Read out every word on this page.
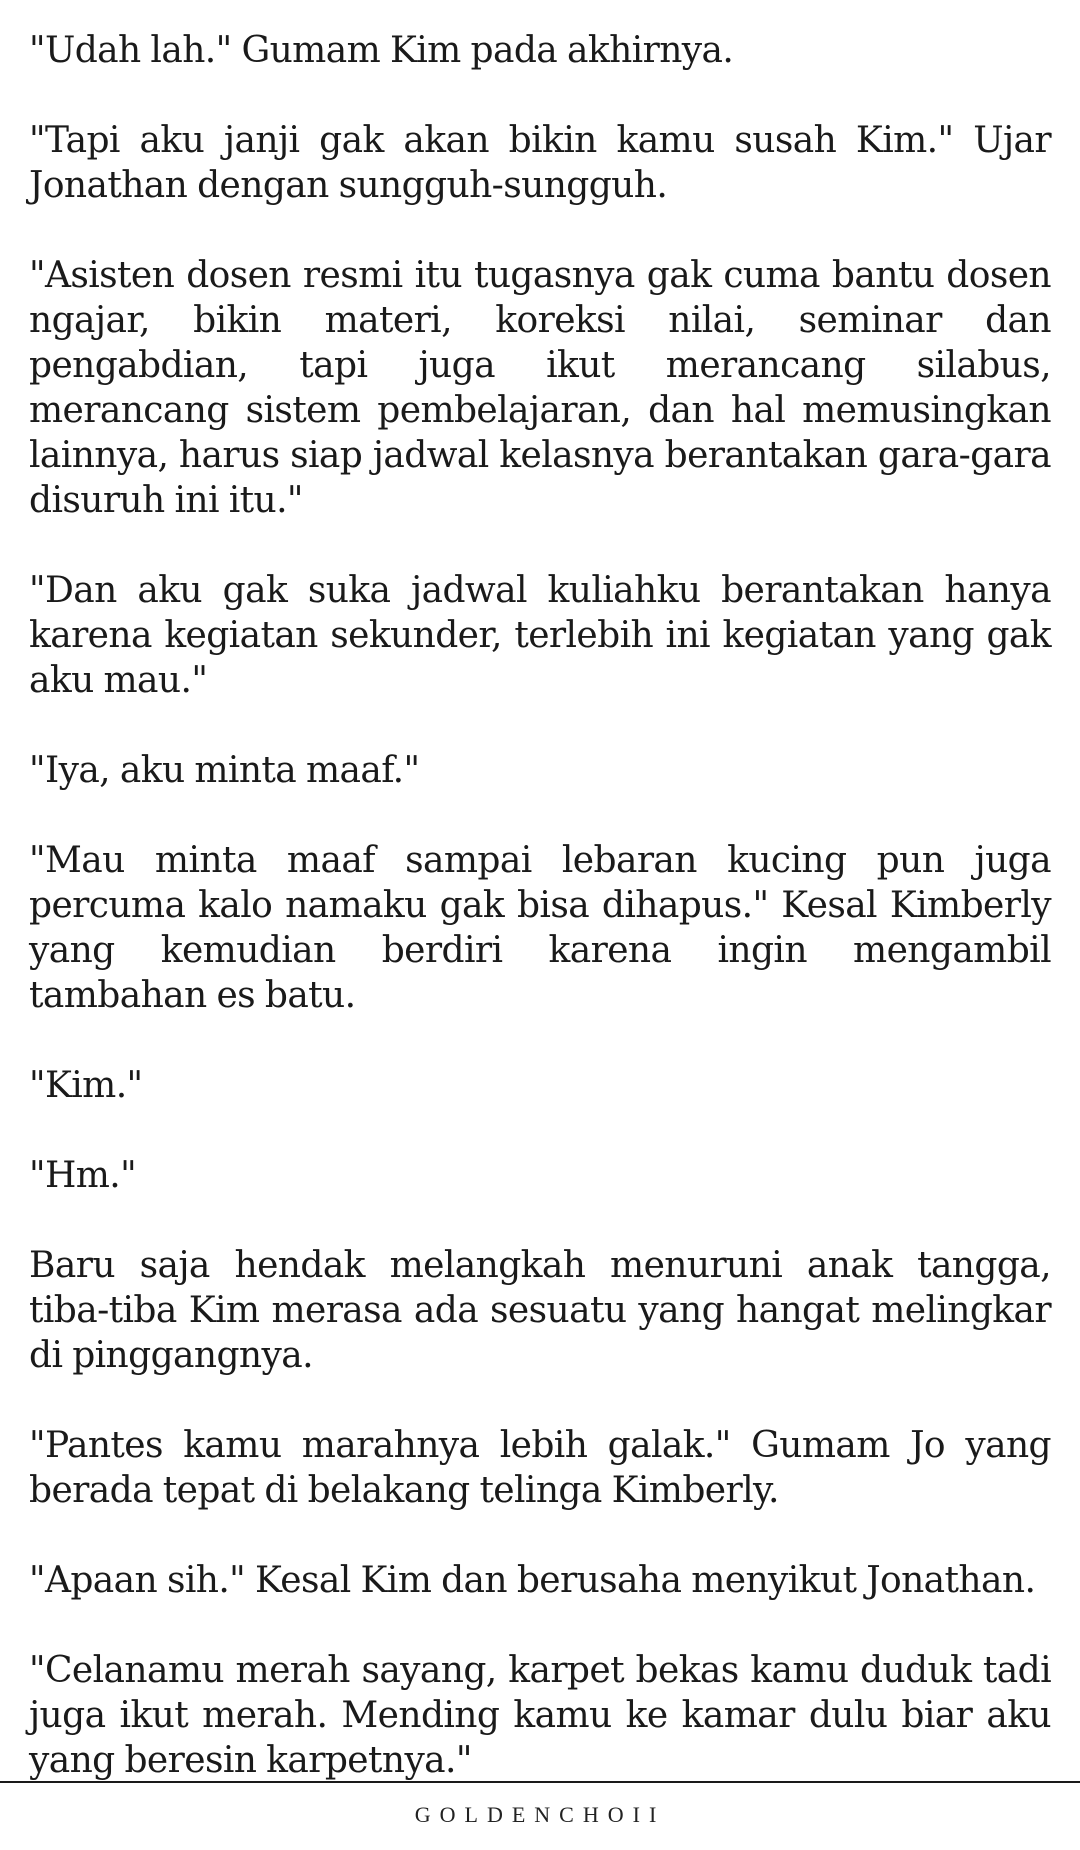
"Udah lah." Gumam Kim pada akhirnya.

"Tapi aku janji gak akan bikin kamu susah Kim." Ujar Jonathan dengan sungguh-sungguh.

"Asisten dosen resmi itu tugasnya gak cuma bantu dosen ngajar, bikin materi, koreksi nilai, seminar dan pengabdian, tapi juga ikut merancang silabus, merancang sistem pembelajaran, dan hal memusingkan lainnya, harus siap jadwal kelasnya berantakan gara-gara disuruh ini itu."

"Dan aku gak suka jadwal kuliahku berantakan hanya karena kegiatan sekunder, terlebih ini kegiatan yang gak aku mau."

"Iya, aku minta maaf."

"Mau minta maaf sampai lebaran kucing pun juga percuma kalo namaku gak bisa dihapus." Kesal Kimberly yang kemudian berdiri karena ingin mengambil tambahan es batu.

"Kim."

"Hm."

Baru saja hendak melangkah menuruni anak tangga, tiba-tiba Kim merasa ada sesuatu yang hangat melingkar di pinggangnya.

"Pantes kamu marahnya lebih galak." Gumam Jo yang berada tepat di belakang telinga Kimberly.

"Apaan sih." Kesal Kim dan berusaha menyikut Jonathan.

"Celanamu merah sayang, karpet bekas kamu duduk tadi juga ikut merah. Mending kamu ke kamar dulu biar aku yang beresin karpetnya."

GOLDENCHOII
